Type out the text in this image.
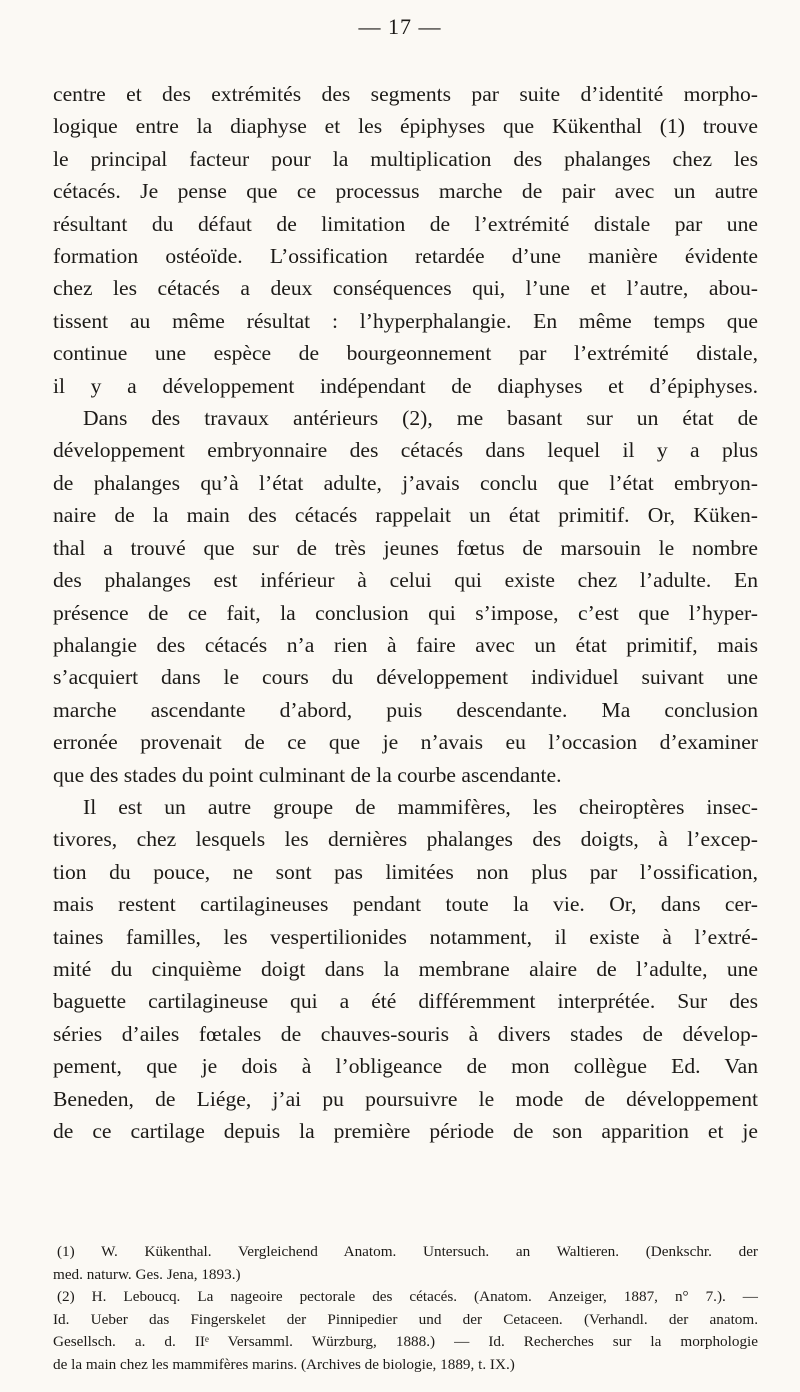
— 17 —
centre et des extrémités des segments par suite d’identité morpho-
logique entre la diaphyse et les épiphyses que Kükenthal (1) trouve
le principal facteur pour la multiplication des phalanges chez les
cétacés. Je pense que ce processus marche de pair avec un autre
résultant du défaut de limitation de l’extrémité distale par une
formation ostéoïde. L’ossification retardée d’une manière évidente
chez les cétacés a deux conséquences qui, l’une et l’autre, abou-
tissent au même résultat : l’hyperphalangie. En même temps que
continue une espèce de bourgeonnement par l’extrémité distale,
il y a développement indépendant de diaphyses et d’épiphyses.
Dans des travaux antérieurs (2), me basant sur un état de
développement embryonnaire des cétacés dans lequel il y a plus
de phalanges qu’à l’état adulte, j’avais conclu que l’état embryon-
naire de la main des cétacés rappelait un état primitif. Or, Küken-
thal a trouvé que sur de très jeunes fœtus de marsouin le nombre
des phalanges est inférieur à celui qui existe chez l’adulte. En
présence de ce fait, la conclusion qui s’impose, c’est que l’hyper-
phalangie des cétacés n’a rien à faire avec un état primitif, mais
s’acquiert dans le cours du développement individuel suivant une
marche ascendante d’abord, puis descendante. Ma conclusion
erronée provenait de ce que je n’avais eu l’occasion d’examiner
que des stades du point culminant de la courbe ascendante.
Il est un autre groupe de mammifères, les cheiroptères insec-
tivores, chez lesquels les dernières phalanges des doigts, à l’excep-
tion du pouce, ne sont pas limitées non plus par l’ossification,
mais restent cartilagineuses pendant toute la vie. Or, dans cer-
taines familles, les vespertilionides notamment, il existe à l’extré-
mité du cinquième doigt dans la membrane alaire de l’adulte, une
baguette cartilagineuse qui a été différemment interprétée. Sur des
séries d’ailes fœtales de chauves-souris à divers stades de dévelop-
pement, que je dois à l’obligeance de mon collègue Ed. Van
Beneden, de Liége, j’ai pu poursuivre le mode de développement
de ce cartilage depuis la première période de son apparition et je
(1) W. Kükenthal. Vergleichend Anatom. Untersuch. an Waltieren. (Denkschr. der
med. naturw. Ges. Jena, 1893.)
(2) H. Leboucq. La nageoire pectorale des cétacés. (Anatom. Anzeiger, 1887, n° 7.). —
Id. Ueber das Fingerskelet der Pinnipedier und der Cetaceen. (Verhandl. der anatom.
Gesellsch. a. d. IIᵉ Versamml. Würzburg, 1888.) — Id. Recherches sur la morphologie
de la main chez les mammifères marins. (Archives de biologie, 1889, t. IX.)
